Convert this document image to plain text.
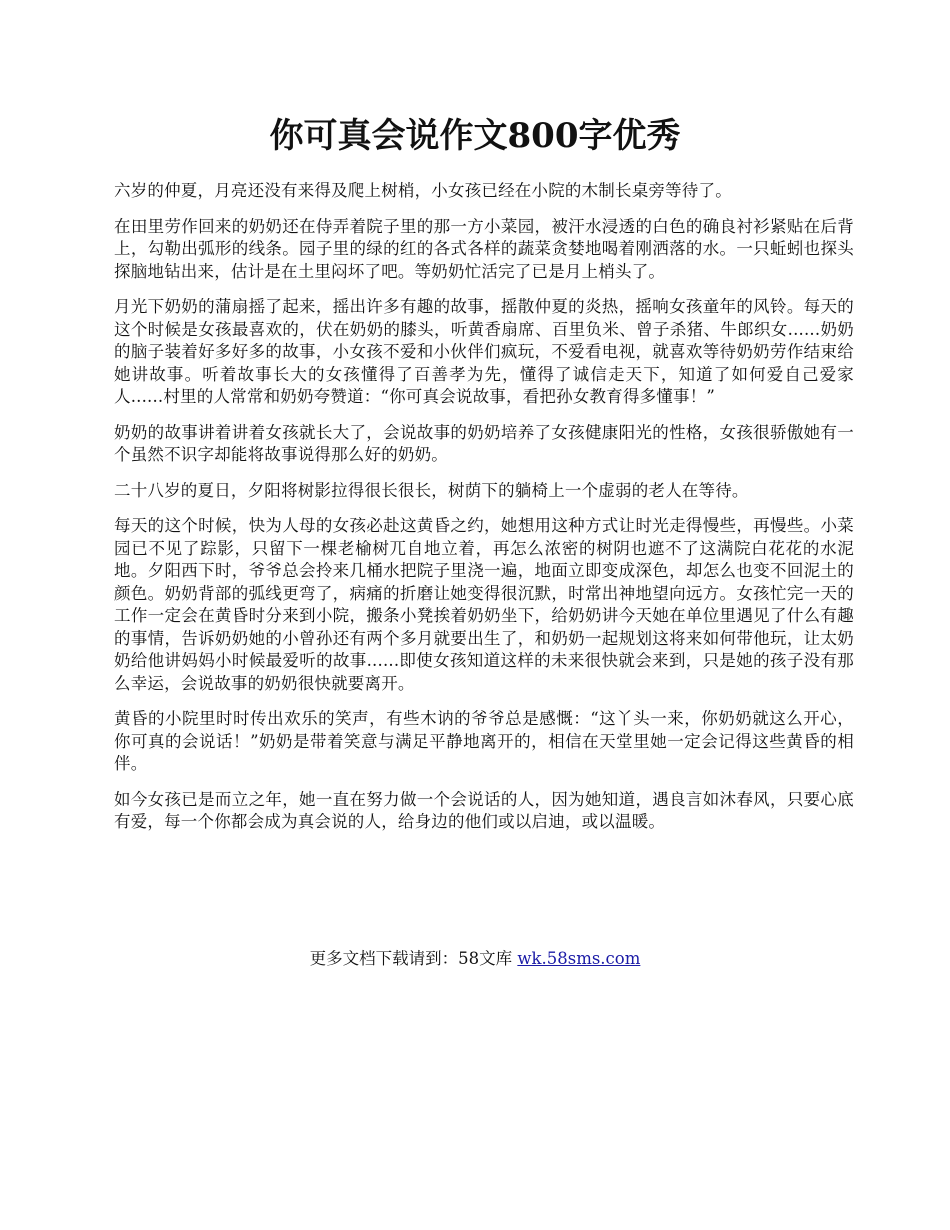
你可真会说作文800字优秀

六岁的仲夏，月亮还没有来得及爬上树梢，小女孩已经在小院的木制长桌旁等待了。

在田里劳作回来的奶奶还在侍弄着院子里的那一方小菜园，被汗水浸透的白色的确良衬衫紧贴在后背上，勾勒出弧形的线条。园子里的绿的红的各式各样的蔬菜贪婪地喝着刚洒落的水。一只蚯蚓也探头探脑地钻出来，估计是在土里闷坏了吧。等奶奶忙活完了已是月上梢头了。

月光下奶奶的蒲扇摇了起来，摇出许多有趣的故事，摇散仲夏的炎热，摇响女孩童年的风铃。每天的这个时候是女孩最喜欢的，伏在奶奶的膝头，听黄香扇席、百里负米、曾子杀猪、牛郎织女......奶奶的脑子装着好多好多的故事，小女孩不爱和小伙伴们疯玩，不爱看电视，就喜欢等待奶奶劳作结束给她讲故事。听着故事长大的女孩懂得了百善孝为先，懂得了诚信走天下，知道了如何爱自己爱家人......村里的人常常和奶奶夸赞道：“你可真会说故事，看把孙女教育得多懂事！”

奶奶的故事讲着讲着女孩就长大了，会说故事的奶奶培养了女孩健康阳光的性格，女孩很骄傲她有一个虽然不识字却能将故事说得那么好的奶奶。

二十八岁的夏日，夕阳将树影拉得很长很长，树荫下的躺椅上一个虚弱的老人在等待。

每天的这个时候，快为人母的女孩必赴这黄昏之约，她想用这种方式让时光走得慢些，再慢些。小菜园已不见了踪影，只留下一棵老榆树兀自地立着，再怎么浓密的树阴也遮不了这满院白花花的水泥地。夕阳西下时，爷爷总会拎来几桶水把院子里浇一遍，地面立即变成深色，却怎么也变不回泥土的颜色。奶奶背部的弧线更弯了，病痛的折磨让她变得很沉默，时常出神地望向远方。女孩忙完一天的工作一定会在黄昏时分来到小院，搬条小凳挨着奶奶坐下，给奶奶讲今天她在单位里遇见了什么有趣的事情，告诉奶奶她的小曾孙还有两个多月就要出生了，和奶奶一起规划这将来如何带他玩，让太奶奶给他讲妈妈小时候最爱听的故事......即使女孩知道这样的未来很快就会来到，只是她的孩子没有那么幸运，会说故事的奶奶很快就要离开。

黄昏的小院里时时传出欢乐的笑声，有些木讷的爷爷总是感慨：“这丫头一来，你奶奶就这么开心，你可真的会说话！”奶奶是带着笑意与满足平静地离开的，相信在天堂里她一定会记得这些黄昏的相伴。

如今女孩已是而立之年，她一直在努力做一个会说话的人，因为她知道，遇良言如沐春风，只要心底有爱，每一个你都会成为真会说的人，给身边的他们或以启迪，或以温暖。

更多文档下载请到：58文库 wk.58sms.com
